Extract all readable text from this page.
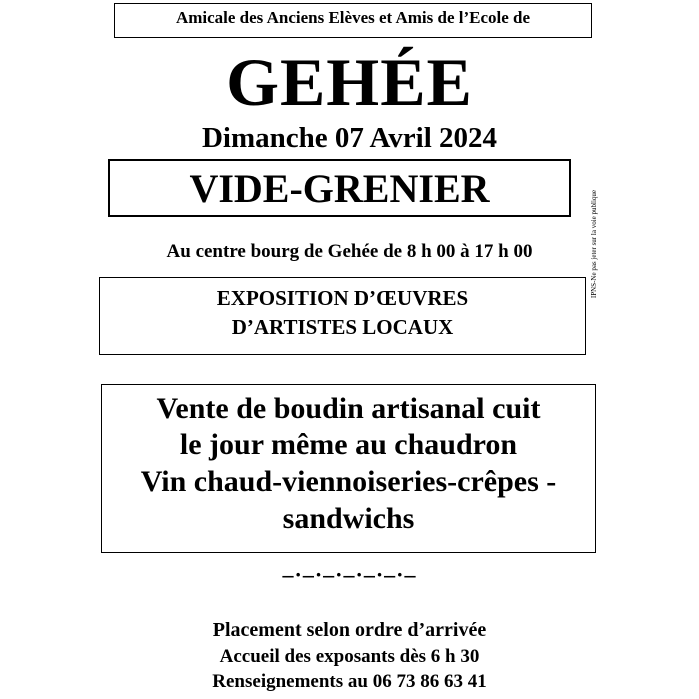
Amicale des Anciens Elèves et Amis de l’Ecole de
GEHÉE
Dimanche 07 Avril 2024
VIDE-GRENIER
IPNS-Ne pas jeter sur la voie publique
Au centre bourg de Gehée de 8 h 00 à 17 h 00
EXPOSITION D’ŒUVRES
D’ARTISTES LOCAUX
Vente de boudin artisanal cuit
le jour même au chaudron
Vin chaud-viennoiseries-crêpes -
sandwichs
–·–·–·–·–·–·–
Placement selon ordre d’arrivée
Accueil des exposants dès 6 h 30
Renseignements au 06 73 86 63 41
